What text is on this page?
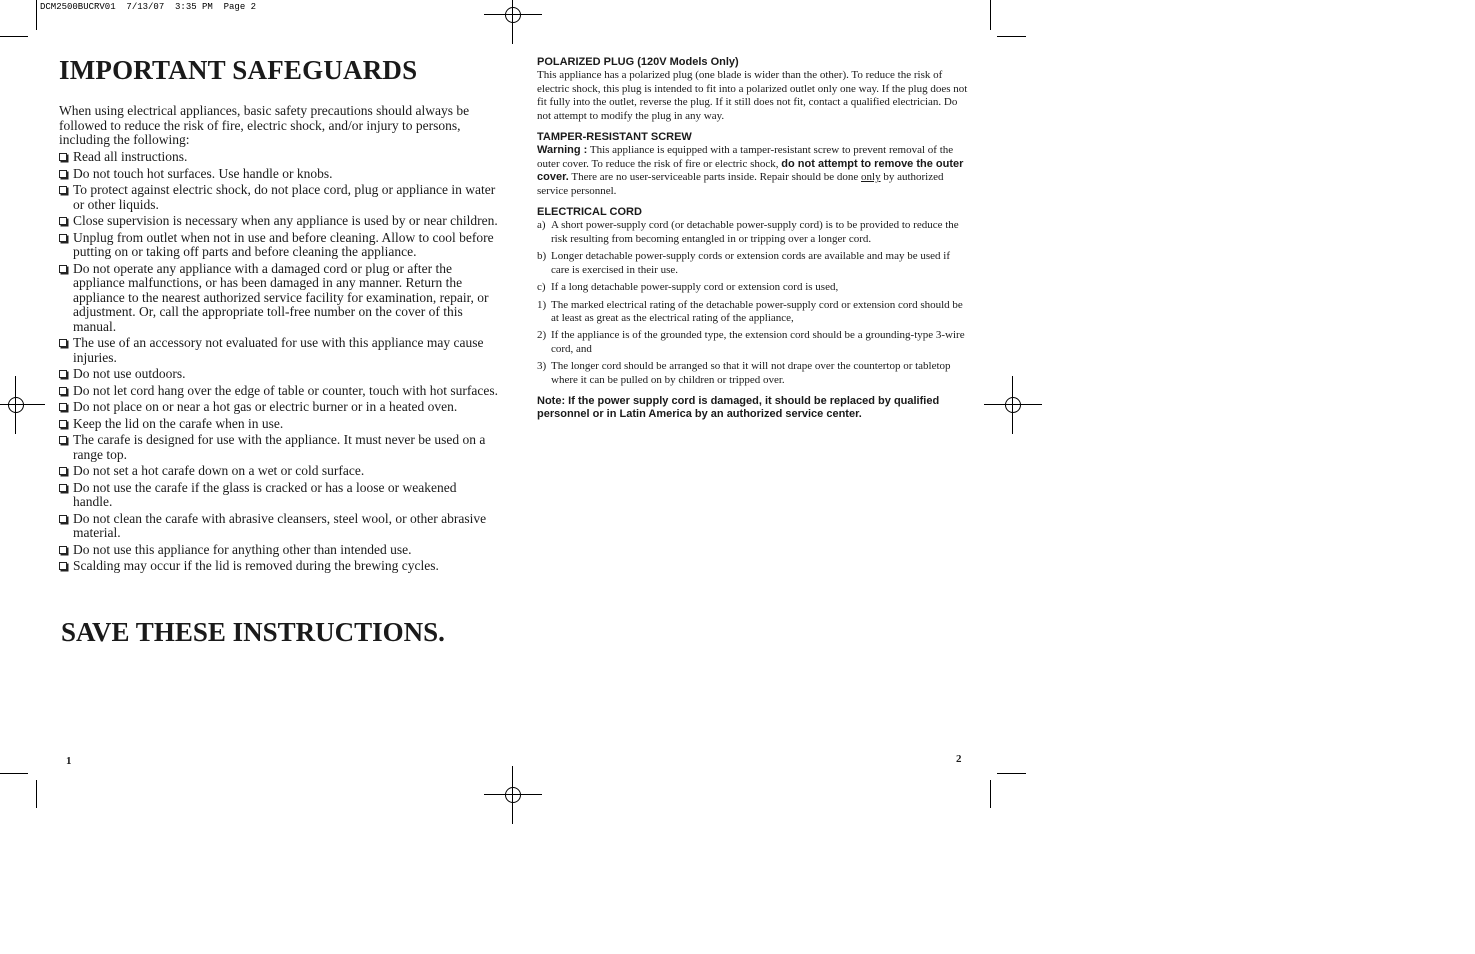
DCM2500BUCRV01  7/13/07  3:35 PM  Page 2
IMPORTANT SAFEGUARDS

When using electrical appliances, basic safety precautions should always be followed to reduce the risk of fire, electric shock, and/or injury to persons, including the following:

Read all instructions.
Do not touch hot surfaces. Use handle or knobs.
To protect against electric shock, do not place cord, plug or appliance in water or other liquids.
Close supervision is necessary when any appliance is used by or near children.
Unplug from outlet when not in use and before cleaning. Allow to cool before putting on or taking off parts and before cleaning the appliance.
Do not operate any appliance with a damaged cord or plug or after the appliance malfunctions, or has been damaged in any manner. Return the appliance to the nearest authorized service facility for examination, repair, or adjustment. Or, call the appropriate toll-free number on the cover of this manual.
The use of an accessory not evaluated for use with this appliance may cause injuries.
Do not use outdoors.
Do not let cord hang over the edge of table or counter, touch with hot surfaces.
Do not place on or near a hot gas or electric burner or in a heated oven.
Keep the lid on the carafe when in use.
The carafe is designed for use with the appliance. It must never be used on a range top.
Do not set a hot carafe down on a wet or cold surface.
Do not use the carafe if the glass is cracked or has a loose or weakened handle.
Do not clean the carafe with abrasive cleansers, steel wool, or other abrasive material.
Do not use this appliance for anything other than intended use.
Scalding may occur if the lid is removed during the brewing cycles.
SAVE THESE INSTRUCTIONS.
1

POLARIZED PLUG (120V Models Only)

This appliance has a polarized plug (one blade is wider than the other). To reduce the risk of electric shock, this plug is intended to fit into a polarized outlet only one way. If the plug does not fit fully into the outlet, reverse the plug. If it still does not fit, contact a qualified electrician. Do not attempt to modify the plug in any way.

TAMPER-RESISTANT SCREW

Warning : This appliance is equipped with a tamper-resistant screw to prevent removal of the outer cover. To reduce the risk of fire or electric shock, do not attempt to remove the outer cover. There are no user-serviceable parts inside. Repair should be done only by authorized service personnel.

ELECTRICAL CORD

a) A short power-supply cord (or detachable power-supply cord) is to be provided to reduce the risk resulting from becoming entangled in or tripping over a longer cord.
b) Longer detachable power-supply cords or extension cords are available and may be used if care is exercised in their use.
c) If a long detachable power-supply cord or extension cord is used,
1) The marked electrical rating of the detachable power-supply cord or extension cord should be at least as great as the electrical rating of the appliance,
2) If the appliance is of the grounded type, the extension cord should be a grounding-type 3-wire cord, and
3) The longer cord should be arranged so that it will not drape over the countertop or tabletop where it can be pulled on by children or tripped over.

Note: If the power supply cord is damaged, it should be replaced by qualified personnel or in Latin America by an authorized service center.

2
